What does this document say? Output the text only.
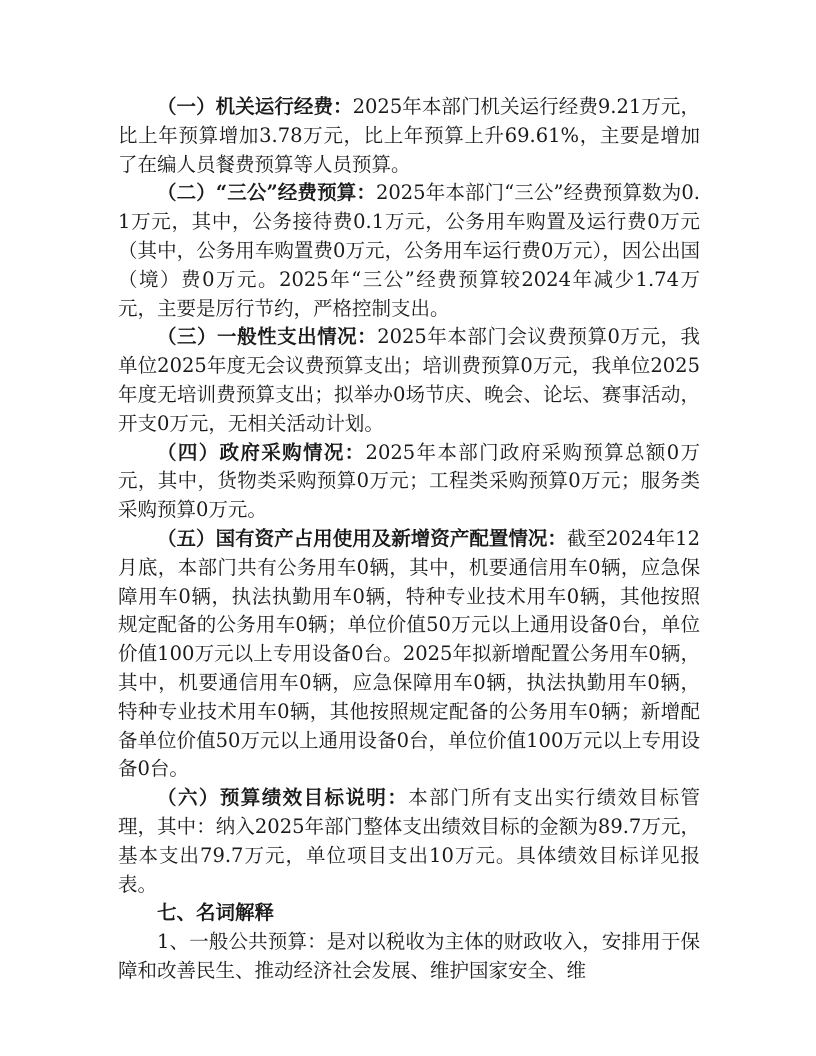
（一）机关运行经费：2025年本部门机关运行经费9.21万元，比上年预算增加3.78万元，比上年预算上升69.61%，主要是增加了在编人员餐费预算等人员预算。

（二）“三公”经费预算：2025年本部门“三公”经费预算数为0.1万元，其中，公务接待费0.1万元，公务用车购置及运行费0万元（其中，公务用车购置费0万元，公务用车运行费0万元），因公出国（境）费0万元。2025年“三公”经费预算较2024年减少1.74万元，主要是厉行节约，严格控制支出。

（三）一般性支出情况：2025年本部门会议费预算0万元，我单位2025年度无会议费预算支出；培训费预算0万元，我单位2025年度无培训费预算支出；拟举办0场节庆、晚会、论坛、赛事活动，开支0万元，无相关活动计划。

（四）政府采购情况：2025年本部门政府采购预算总额0万元，其中，货物类采购预算0万元；工程类采购预算0万元；服务类采购预算0万元。

（五）国有资产占用使用及新增资产配置情况：截至2024年12月底，本部门共有公务用车0辆，其中，机要通信用车0辆，应急保障用车0辆，执法执勤用车0辆，特种专业技术用车0辆，其他按照规定配备的公务用车0辆；单位价值50万元以上通用设备0台，单位价值100万元以上专用设备0台。2025年拟新增配置公务用车0辆，其中，机要通信用车0辆，应急保障用车0辆，执法执勤用车0辆，特种专业技术用车0辆，其他按照规定配备的公务用车0辆；新增配备单位价值50万元以上通用设备0台，单位价值100万元以上专用设备0台。

（六）预算绩效目标说明：本部门所有支出实行绩效目标管理，其中：纳入2025年部门整体支出绩效目标的金额为89.7万元，基本支出79.7万元，单位项目支出10万元。具体绩效目标详见报表。

七、名词解释

1、一般公共预算：是对以税收为主体的财政收入，安排用于保障和改善民生、推动经济社会发展、维护国家安全、维
